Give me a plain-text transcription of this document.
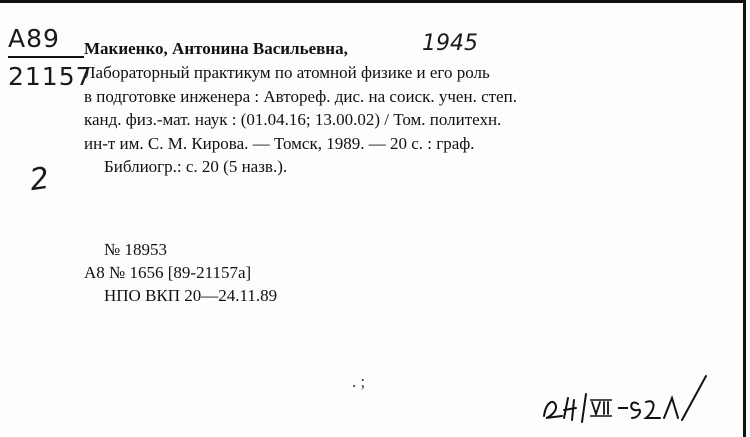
A89
21157
Макиенко, Антонина Васильевна,	1945
Лабораторный практикум по атомной физике и его роль
в подготовке инженера : Автореф. дис. на соиск. учен. степ.
канд. физ.-мат. наук : (01.04.16; 13.00.02) / Том. политехн.
ин-т им. С. М. Кирова. — Томск, 1989. — 20 с. : граф.
Библиогр.: с. 20 (5 назв.).
2
№ 18953
А8 № 1656 [89-21157а]
НПО ВКП 20—24.11.89
. ;
